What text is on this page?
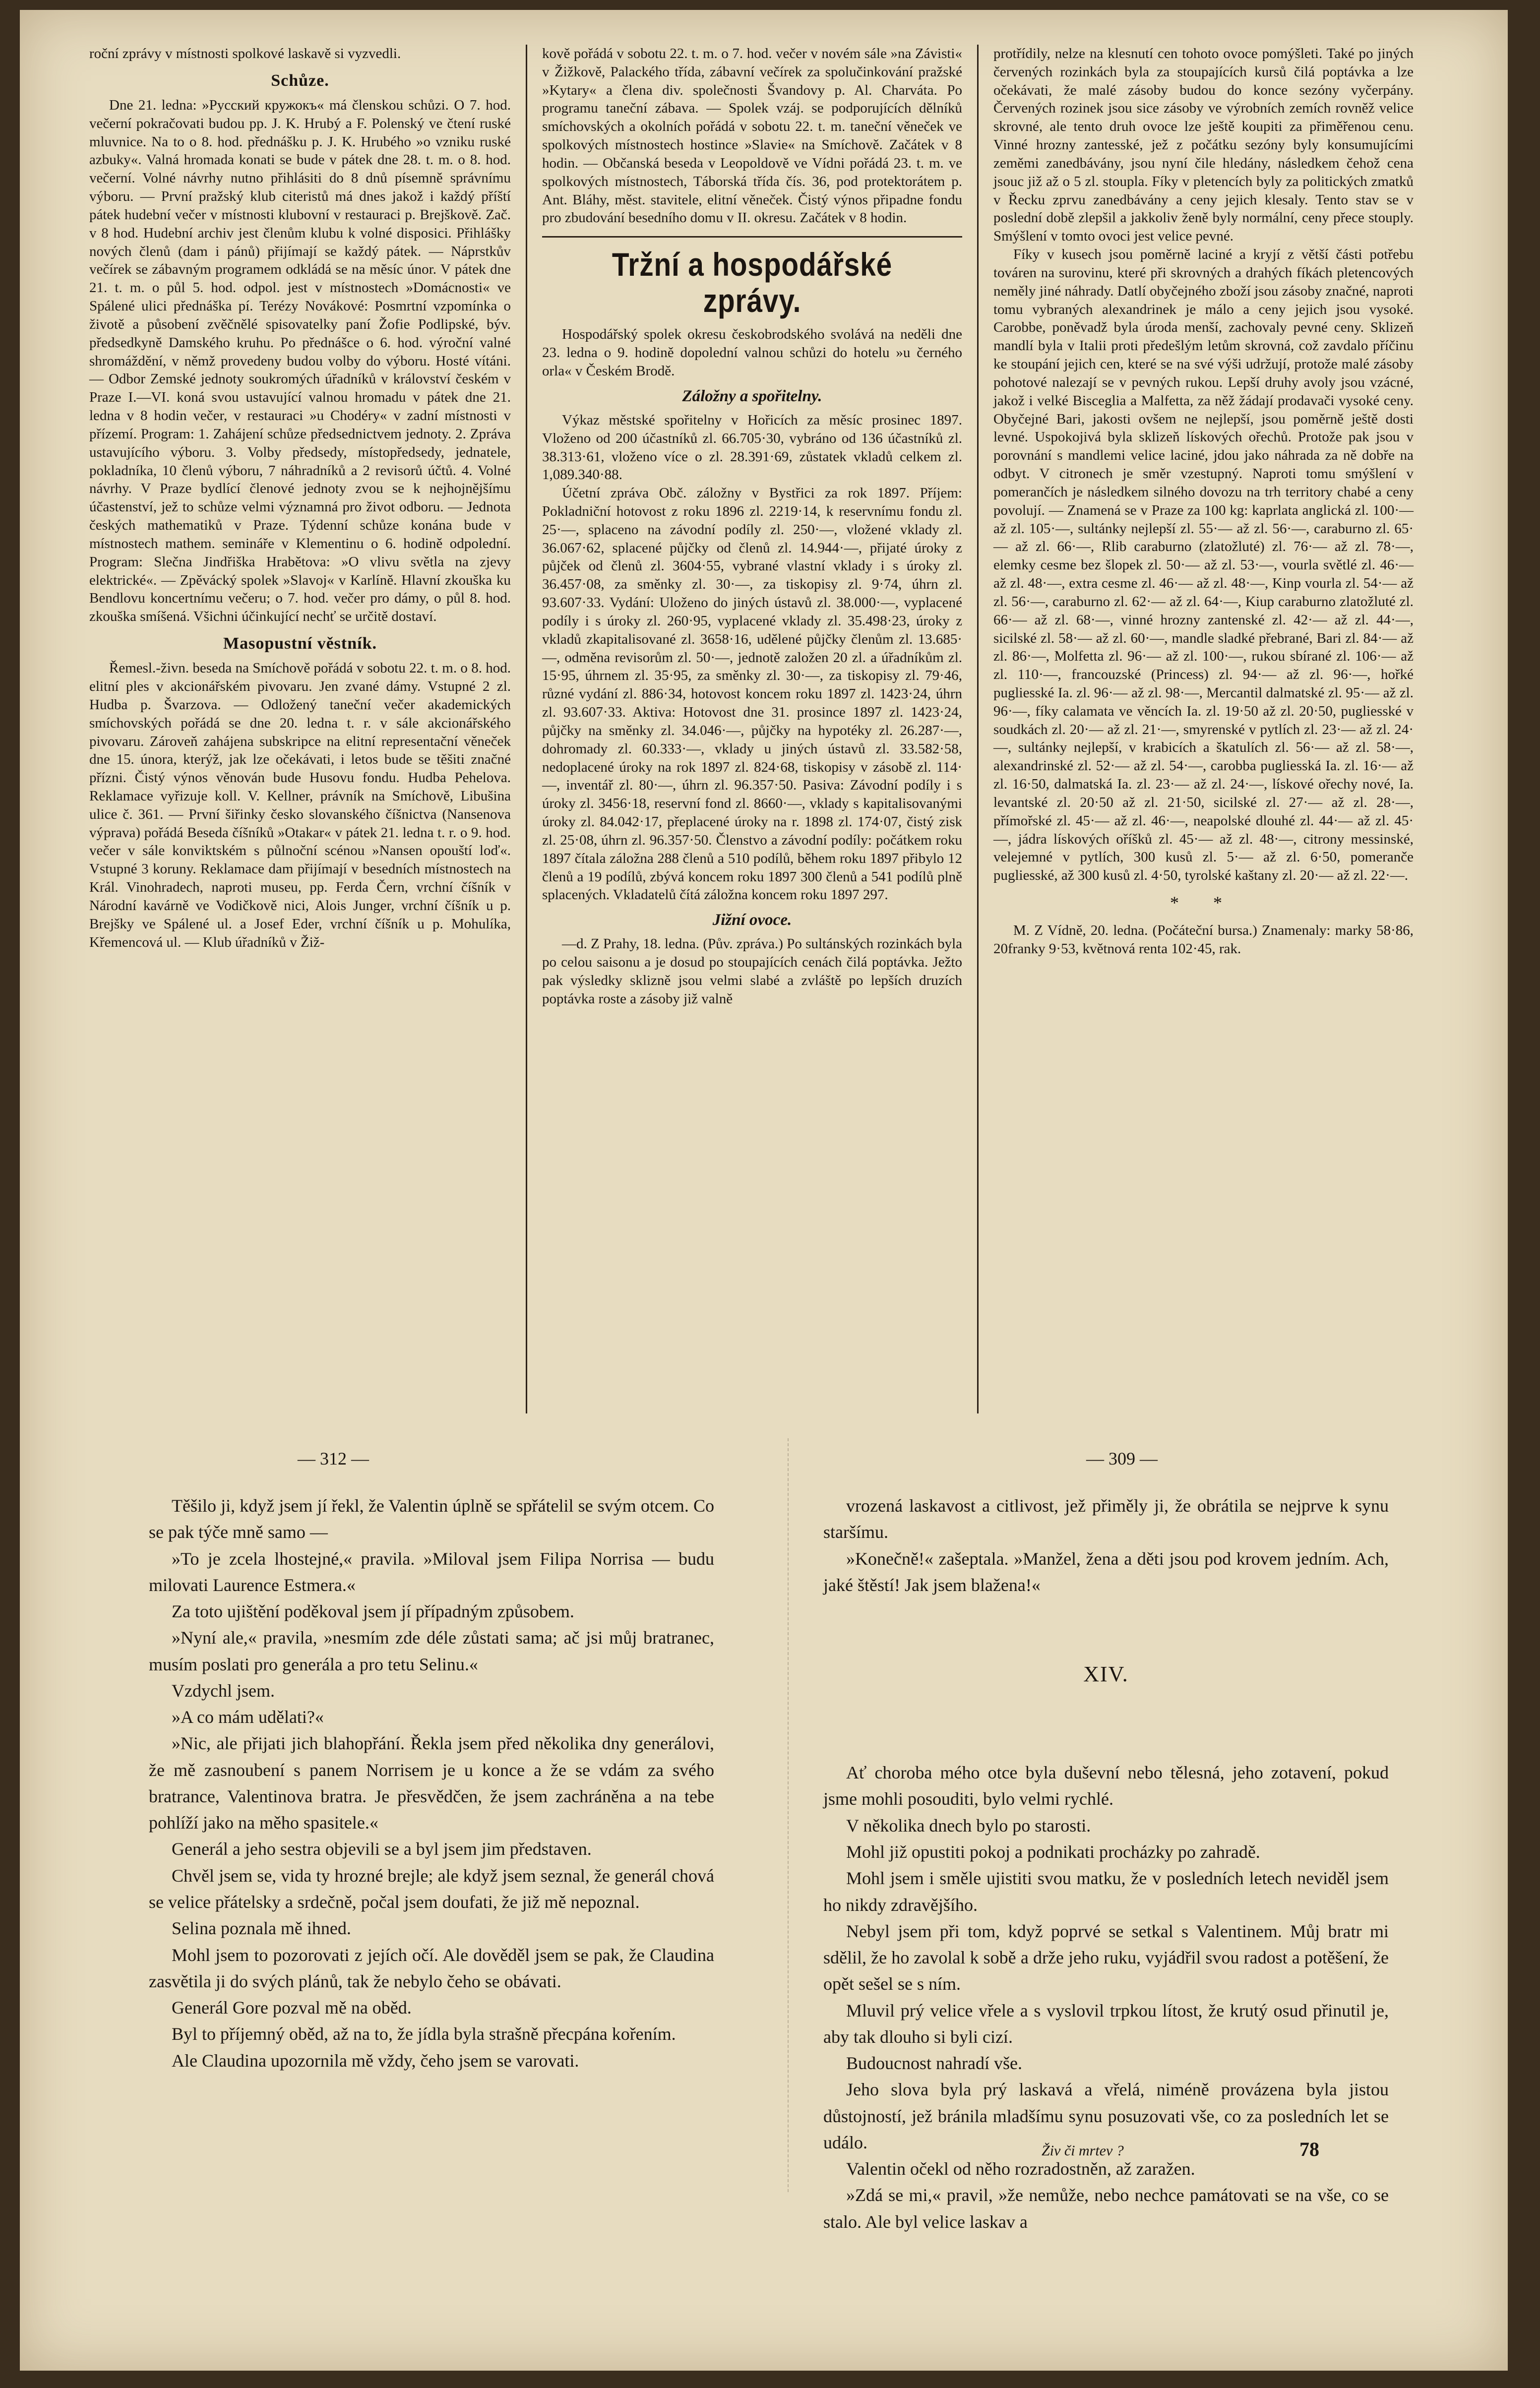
roční zprávy v místnosti spolkové laskavě si vyzvedli.

Schůze.

Dne 21. ledna: »Русский кружокъ« má členskou schůzi. O 7. hod. večerní pokračovati budou pp. J. K. Hrubý a F. Polenský ve čtení ruské mluvnice. Na to o 8. hod. přednášku p. J. K. Hrubého »o vzniku ruské azbuky«. Valná hromada konati se bude v pátek dne 28. t. m. o 8. hod. večerní. Volné návrhy nutno přihlásiti do 8 dnů písemně správnímu výboru. — První pražský klub citeristů má dnes jakož i každý příští pátek hudební večer v místnosti klubovní v restauraci p. Brejškově. Zač. v 8 hod. Hudební archiv jest členům klubu k volné disposici. Přihlášky nových členů (dam i pánů) přijímají se každý pátek. — Náprstkův večírek se zábavným programem odkládá se na měsíc únor. V pátek dne 21. t. m. o půl 5. hod. odpol. jest v místnostech »Domácnosti« ve Spálené ulici přednáška pí. Terézy Novákové: Posmrtní vzpomínka o životě a působení zvěčnělé spisovatelky paní Žofie Podlipské, býv. předsedkyně Damského kruhu. Po přednášce o 6. hod. výroční valné shromáždění, v němž provedeny budou volby do výboru. Hosté vítáni. — Odbor Zemské jednoty soukromých úřadníků v království českém v Praze I.—VI. koná svou ustavující valnou hromadu v pátek dne 21. ledna v 8 hodin večer, v restauraci »u Chodéry« v zadní místnosti v přízemí. Program: 1. Zahájení schůze předsednictvem jednoty. 2. Zpráva ustavujícího výboru. 3. Volby předsedy, místopředsedy, jednatele, pokladníka, 10 členů výboru, 7 náhradníků a 2 revisorů účtů. 4. Volné návrhy. V Praze bydlící členové jednoty zvou se k nejhojnějšímu účastenství, jež to schůze velmi významná pro život odboru. — Jednota českých mathematiků v Praze. Týdenní schůze konána bude v místnostech mathem. semináře v Klementinu o 6. hodině odpolední. Program: Slečna Jindřiška Hrabětova: »O vlivu světla na zjevy elektrické«. — Zpěvácký spolek »Slavoj« v Karlíně. Hlavní zkouška ku Bendlovu koncertnímu večeru; o 7. hod. večer pro dámy, o půl 8. hod. zkouška smíšená. Všichni účinkující nechť se určitě dostaví.

Masopustní věstník.

Řemesl.-živn. beseda na Smíchově pořádá v sobotu 22. t. m. o 8. hod. elitní ples v akcionářském pivovaru. Jen zvané dámy. Vstupné 2 zl. Hudba p. Švarzova. — Odložený taneční večer akademických smíchovských pořádá se dne 20. ledna t. r. v sále akcionářského pivovaru. Zároveň zahájena subskripce na elitní representační věneček dne 15. února, kterýž, jak lze očekávati, i letos bude se těšiti značné přízni. Čistý výnos věnován bude Husovu fondu. Hudba Pehelova. Reklamace vyřizuje koll. V. Kellner, právník na Smíchově, Libušina ulice č. 361. — První šiřinky česko slovanského číšnictva (Nansenova výprava) pořádá Beseda číšníků »Otakar« v pátek 21. ledna t. r. o 9. hod. večer v sále konviktském s půlnoční scénou »Nansen opouští loď«. Vstupné 3 koruny. Reklamace dam přijímají v besedních místnostech na Král. Vinohradech, naproti museu, pp. Ferda Čern, vrchní číšník v Národní kavárně ve Vodičkově nici, Alois Junger, vrchní číšník u p. Brejšky ve Spálené ul. a Josef Eder, vrchní číšník u p. Mohulíka, Křemencová ul. — Klub úřadníků v Žiž-

kově pořádá v sobotu 22. t. m. o 7. hod. večer v novém sále »na Závisti« v Žižkově, Palackého třída, zábavní večírek za spolučinkování pražské »Kytary« a člena div. společnosti Švandovy p. Al. Charváta. Po programu taneční zábava. — Spolek vzáj. se podporujících dělníků smíchovských a okolních pořádá v sobotu 22. t. m. taneční věneček ve spolkových místnostech hostince »Slavie« na Smíchově. Začátek v 8 hodin. — Občanská beseda v Leopoldově ve Vídni pořádá 23. t. m. ve spolkových místnostech, Táborská třída čís. 36, pod protektorátem p. Ant. Bláhy, měst. stavitele, elitní věneček. Čistý výnos připadne fondu pro zbudování besedního domu v II. okresu. Začátek v 8 hodin.

Tržní a hospodářské zprávy.

Hospodářský spolek okresu českobrodského svolává na neděli dne 23. ledna o 9. hodině dopolední valnou schůzi do hotelu »u černého orla« v Českém Brodě.

Záložny a spořitelny.

Výkaz městské spořitelny v Hořicích za měsíc prosinec 1897. Vloženo od 200 účastníků zl. 66.705·30, vybráno od 136 účastníků zl. 38.313·61, vloženo více o zl. 28.391·69, zůstatek vkladů celkem zl. 1,089.340·88.

Účetní zpráva Obč. záložny v Bystřici za rok 1897. Příjem: Pokladniční hotovost z roku 1896 zl. 2219·14, k reservnímu fondu zl. 25·—, splaceno na závodní podíly zl. 250·—, vložené vklady zl. 36.067·62, splacené půjčky od členů zl. 14.944·—, přijaté úroky z půjček od členů zl. 3604·55, vybrané vlastní vklady i s úroky zl. 36.457·08, za směnky zl. 30·—, za tiskopisy zl. 9·74, úhrn zl. 93.607·33. Vydání: Uloženo do jiných ústavů zl. 38.000·—, vyplacené podíly i s úroky zl. 260·95, vyplacené vklady zl. 35.498·23, úroky z vkladů zkapitalisované zl. 3658·16, udělené půjčky členům zl. 13.685·—, odměna revisorům zl. 50·—, jednotě založen 20 zl. a úřadníkům zl. 15·95, úhrnem zl. 35·95, za směnky zl. 30·—, za tiskopisy zl. 79·46, různé vydání zl. 886·34, hotovost koncem roku 1897 zl. 1423·24, úhrn zl. 93.607·33. Aktiva: Hotovost dne 31. prosince 1897 zl. 1423·24, půjčky na směnky zl. 34.046·—, půjčky na hypotéky zl. 26.287·—, dohromady zl. 60.333·—, vklady u jiných ústavů zl. 33.582·58, nedoplacené úroky na rok 1897 zl. 824·68, tiskopisy v zásobě zl. 114·—, inventář zl. 80·—, úhrn zl. 96.357·50. Pasiva: Závodní podíly i s úroky zl. 3456·18, reservní fond zl. 8660·—, vklady s kapitalisovanými úroky zl. 84.042·17, přeplacené úroky na r. 1898 zl. 174·07, čistý zisk zl. 25·08, úhrn zl. 96.357·50. Členstvo a závodní podíly: počátkem roku 1897 čítala záložna 288 členů a 510 podílů, během roku 1897 přibylo 12 členů a 19 podílů, zbývá koncem roku 1897 300 členů a 541 podílů plně splacených. Vkladatelů čítá záložna koncem roku 1897 297.

Jižní ovoce.

—d. Z Prahy, 18. ledna. (Pův. zpráva.) Po sultánských rozinkách byla po celou saisonu a je dosud po stoupajících cenách čilá poptávka. Ježto pak výsledky sklizně jsou velmi slabé a zvláště po lepších druzích poptávka roste a zásoby již valně

protřídily, nelze na klesnutí cen tohoto ovoce pomýšleti. Také po jiných červených rozinkách byla za stoupajících kursů čilá poptávka a lze očekávati, že malé zásoby budou do konce sezóny vyčerpány. Červených rozinek jsou sice zásoby ve výrobních zemích rovněž velice skrovné, ale tento druh ovoce lze ještě koupiti za přiměřenou cenu. Vinné hrozny zantesské, jež z počátku sezóny byly konsumujícími zeměmi zanedbávány, jsou nyní čile hledány, následkem čehož cena jsouc již až o 5 zl. stoupla. Fíky v pletencích byly za politických zmatků v Řecku zprvu zanedbávány a ceny jejich klesaly. Tento stav se v poslední době zlepšil a jakkoliv ženě byly normální, ceny přece stouply. Smýšlení v tomto ovoci jest velice pevné.

Fíky v kusech jsou poměrně laciné a kryjí z větší části potřebu továren na surovinu, které při skrovných a drahých fíkách pletencových neměly jiné náhrady. Datlí obyčejného zboží jsou zásoby značné, naproti tomu vybraných alexandrinek je málo a ceny jejich jsou vysoké. Carobbe, poněvadž byla úroda menší, zachovaly pevné ceny. Sklizeň mandlí byla v Italii proti předešlým letům skrovná, což zavdalo příčinu ke stoupání jejich cen, které se na své výši udržují, protože malé zásoby pohotové nalezají se v pevných rukou. Lepší druhy avoly jsou vzácné, jakož i velké Bisceglia a Malfetta, za něž žádají prodavači vysoké ceny. Obyčejné Bari, jakosti ovšem ne nejlepší, jsou poměrně ještě dosti levné. Uspokojivá byla sklizeň lískových ořechů. Protože pak jsou v porovnání s mandlemi velice laciné, jdou jako náhrada za ně dobře na odbyt. V citronech je směr vzestupný. Naproti tomu smýšlení v pomerančích je následkem silného dovozu na trh territory chabé a ceny povolují. — Znamená se v Praze za 100 kg: kaprlata anglická zl. 100·— až zl. 105·—, sultánky nejlepší zl. 55·— až zl. 56·—, caraburno zl. 65·— až zl. 66·—, Rlib caraburno (zlatožluté) zl. 76·— až zl. 78·—, elemky cesme bez šlopek zl. 50·— až zl. 53·—, vourla světlé zl. 46·— až zl. 48·—, extra cesme zl. 46·— až zl. 48·—, Kinp vourla zl. 54·— až zl. 56·—, caraburno zl. 62·— až zl. 64·—, Kiup caraburno zlatožluté zl. 66·— až zl. 68·—, vinné hrozny zantenské zl. 42·— až zl. 44·—, sicilské zl. 58·— až zl. 60·—, mandle sladké přebrané, Bari zl. 84·— až zl. 86·—, Molfetta zl. 96·— až zl. 100·—, rukou sbírané zl. 106·— až zl. 110·—, francouzské (Princess) zl. 94·— až zl. 96·—, hořké pugliesské Ia. zl. 96·— až zl. 98·—, Mercantil dalmatské zl. 95·— až zl. 96·—, fíky calamata ve věncích Ia. zl. 19·50 až zl. 20·50, pugliesské v soudkách zl. 20·— až zl. 21·—, smyrenské v pytlích zl. 23·— až zl. 24·—, sultánky nejlepší, v krabicích a škatulích zl. 56·— až zl. 58·—, alexandrinské zl. 52·— až zl. 54·—, carobba pugliesská Ia. zl. 16·— až zl. 16·50, dalmatská Ia. zl. 23·— až zl. 24·—, lískové ořechy nové, Ia. levantské zl. 20·50 až zl. 21·50, sicilské zl. 27·— až zl. 28·—, přímořské zl. 45·— až zl. 46·—, neapolské dlouhé zl. 44·— až zl. 45·—, jádra lískových oříšků zl. 45·— až zl. 48·—, citrony messinské, velejemné v pytlích, 300 kusů zl. 5·— až zl. 6·50, pomeranče pugliesské, až 300 kusů zl. 4·50, tyrolské kaštany zl. 20·— až zl. 22·—.

* *

M. Z Vídně, 20. ledna. (Počáteční bursa.) Znamenaly: marky 58·86, 20franky 9·53, květnová renta 102·45, rak.

— 312 —	— 309 —

Těšilo ji, když jsem jí řekl, že Valentin úplně se spřátelil se svým otcem. Co se pak týče mně samo —

»To je zcela lhostejné,« pravila. »Miloval jsem Filipa Norrisa — budu milovati Laurence Estmera.«

Za toto ujištění poděkoval jsem jí případným způsobem.

»Nyní ale,« pravila, »nesmím zde déle zůstati sama; ač jsi můj bratranec, musím poslati pro generála a pro tetu Selinu.«

Vzdychl jsem.

»A co mám udělati?«

»Nic, ale přijati jich blahopřání. Řekla jsem před několika dny generálovi, že mě zasnoubení s panem Norrisem je u konce a že se vdám za svého bratrance, Valentinova bratra. Je přesvědčen, že jsem zachráněna a na tebe pohlíží jako na měho spasitele.«

Generál a jeho sestra objevili se a byl jsem jim představen.

Chvěl jsem se, vida ty hrozné brejle; ale když jsem seznal, že generál chová se velice přátelsky a srdečně, počal jsem doufati, že již mě nepoznal.

Selina poznala mě ihned.

Mohl jsem to pozorovati z jejích očí. Ale dověděl jsem se pak, že Claudina zasvětila ji do svých plánů, tak že nebylo čeho se obávati.

Generál Gore pozval mě na oběd.

Byl to příjemný oběd, až na to, že jídla byla strašně přecpána kořením.

Ale Claudina upozornila mě vždy, čeho jsem se varovati.

vrozená laskavost a citlivost, jež přiměly ji, že obrátila se nejprve k synu staršímu.

»Konečně!« zašeptala. »Manžel, žena a děti jsou pod krovem jedním. Ach, jaké štěstí! Jak jsem blažena!«

XIV.

Ať choroba mého otce byla duševní nebo tělesná, jeho zotavení, pokud jsme mohli posouditi, bylo velmi rychlé.

V několika dnech bylo po starosti.

Mohl již opustiti pokoj a podnikati procházky po zahradě.

Mohl jsem i směle ujistiti svou matku, že v posledních letech neviděl jsem ho nikdy zdravějšího.

Nebyl jsem při tom, když poprvé se setkal s Valentinem. Můj bratr mi sdělil, že ho zavolal k sobě a drže jeho ruku, vyjádřil svou radost a potěšení, že opět sešel se s ním.

Mluvil prý velice vřele a s vyslovil trpkou lítost, že krutý osud přinutil je, aby tak dlouho si byli cizí.

Budoucnost nahradí vše.

Jeho slova byla prý laskavá a vřelá, niméně provázena byla jistou důstojností, jež bránila mladšímu synu posuzovati vše, co za posledních let se událo.

Valentin očekl od něho rozradostněn, až zaražen.

»Zdá se mi,« pravil, »že nemůže, nebo nechce památovati se na vše, co se stalo. Ale byl velice laskav a

Živ či mrtev ?	78
